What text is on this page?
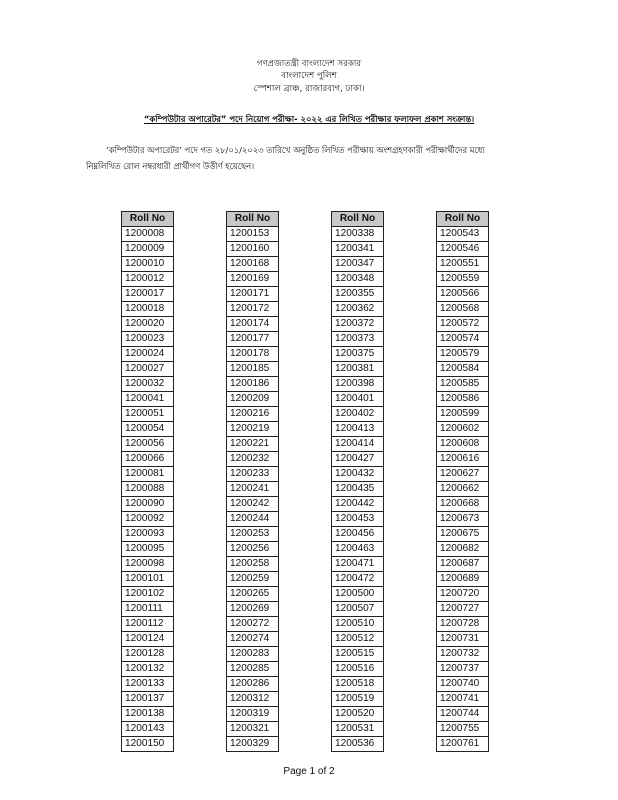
গণপ্রজাতন্ত্রী বাংলাদেশ সরকার
বাংলাদেশ পুলিশ
স্পেশাল ব্রাঞ্চ, রাজারবাগ, ঢাকা।
“কম্পিউটার অপারেটর” পদে নিয়োগ পরীক্ষা- ২০২২ এর লিখিত পরীক্ষার ফলাফল প্রকাশ সংক্রান্ত।
‘কম্পিউটার অপারেটর’ পদে গত ২৮/০১/২০২৩ তারিখে অনুষ্ঠিত লিখিত পরীক্ষায় অংশগ্রহণকারী পরীক্ষার্থীদের মধ্যে
নিম্নলিখিত রোল নম্বরধারী প্রার্থীগণ উত্তীর্ণ হয়েছেন।
Roll No
1200008
1200009
1200010
1200012
1200017
1200018
1200020
1200023
1200024
1200027
1200032
1200041
1200051
1200054
1200056
1200066
1200081
1200088
1200090
1200092
1200093
1200095
1200098
1200101
1200102
1200111
1200112
1200124
1200128
1200132
1200133
1200137
1200138
1200143
1200150
Roll No
1200153
1200160
1200168
1200169
1200171
1200172
1200174
1200177
1200178
1200185
1200186
1200209
1200216
1200219
1200221
1200232
1200233
1200241
1200242
1200244
1200253
1200256
1200258
1200259
1200265
1200269
1200272
1200274
1200283
1200285
1200286
1200312
1200319
1200321
1200329
Roll No
1200338
1200341
1200347
1200348
1200355
1200362
1200372
1200373
1200375
1200381
1200398
1200401
1200402
1200413
1200414
1200427
1200432
1200435
1200442
1200453
1200456
1200463
1200471
1200472
1200500
1200507
1200510
1200512
1200515
1200516
1200518
1200519
1200520
1200531
1200536
Roll No
1200543
1200546
1200551
1200559
1200566
1200568
1200572
1200574
1200579
1200584
1200585
1200586
1200599
1200602
1200608
1200616
1200627
1200662
1200668
1200673
1200675
1200682
1200687
1200689
1200720
1200727
1200728
1200731
1200732
1200737
1200740
1200741
1200744
1200755
1200761
Page 1 of 2
